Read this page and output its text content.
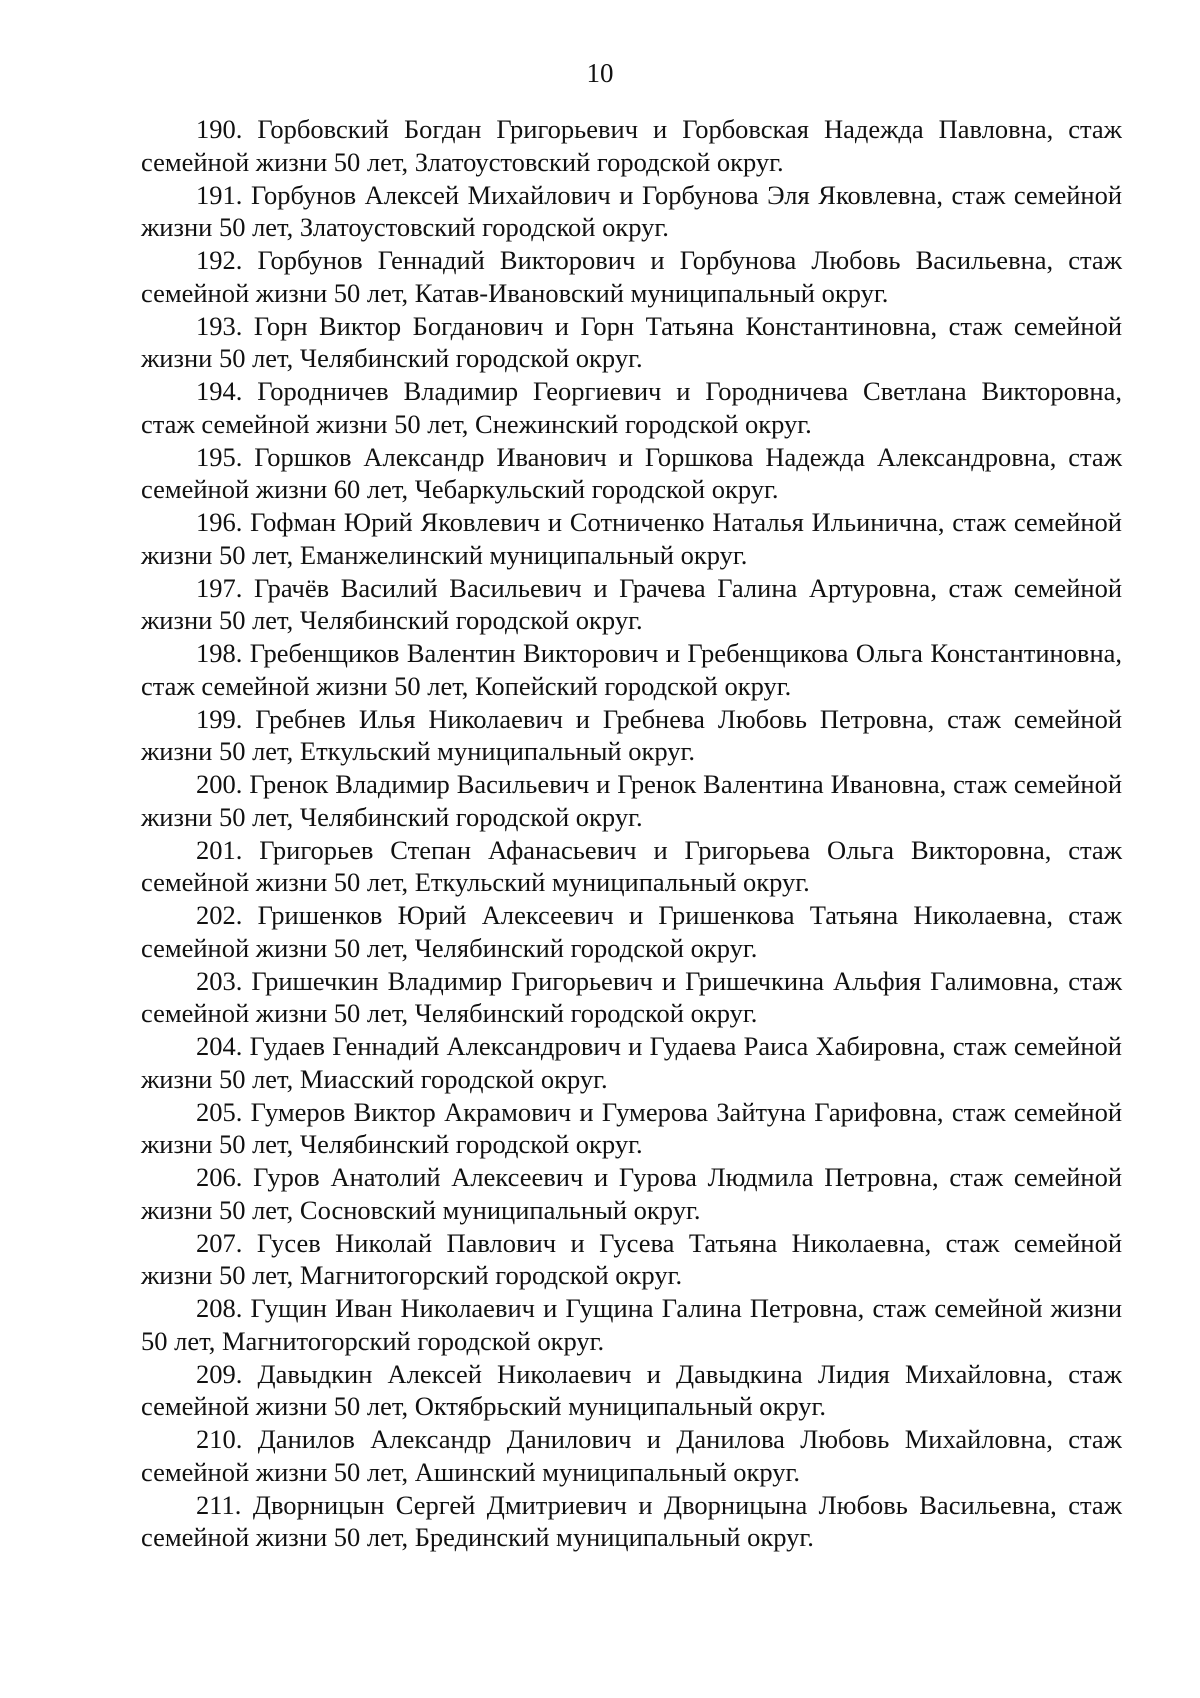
10

190. Горбовский Богдан Григорьевич и Горбовская Надежда Павловна, стаж семейной жизни 50 лет, Златоустовский городской округ.

191. Горбунов Алексей Михайлович и Горбунова Эля Яковлевна, стаж семейной жизни 50 лет, Златоустовский городской округ.

192. Горбунов Геннадий Викторович и Горбунова Любовь Васильевна, стаж семейной жизни 50 лет, Катав-Ивановский муниципальный округ.

193. Горн Виктор Богданович и Горн Татьяна Константиновна, стаж семейной жизни 50 лет, Челябинский городской округ.

194. Городничев Владимир Георгиевич и Городничева Светлана Викторовна, стаж семейной жизни 50 лет, Снежинский городской округ.

195. Горшков Александр Иванович и Горшкова Надежда Александровна, стаж семейной жизни 60 лет, Чебаркульский городской округ.

196. Гофман Юрий Яковлевич и Сотниченко Наталья Ильинична, стаж семейной жизни 50 лет, Еманжелинский муниципальный округ.

197. Грачёв Василий Васильевич и Грачева Галина Артуровна, стаж семейной жизни 50 лет, Челябинский городской округ.

198. Гребенщиков Валентин Викторович и Гребенщикова Ольга Константиновна, стаж семейной жизни 50 лет, Копейский городской округ.

199. Гребнев Илья Николаевич и Гребнева Любовь Петровна, стаж семейной жизни 50 лет, Еткульский муниципальный округ.

200. Гренок Владимир Васильевич и Гренок Валентина Ивановна, стаж семейной жизни 50 лет, Челябинский городской округ.

201. Григорьев Степан Афанасьевич и Григорьева Ольга Викторовна, стаж семейной жизни 50 лет, Еткульский муниципальный округ.

202. Гришенков Юрий Алексеевич и Гришенкова Татьяна Николаевна, стаж семейной жизни 50 лет, Челябинский городской округ.

203. Гришечкин Владимир Григорьевич и Гришечкина Альфия Галимовна, стаж семейной жизни 50 лет, Челябинский городской округ.

204. Гудаев Геннадий Александрович и Гудаева Раиса Хабировна, стаж семейной жизни 50 лет, Миасский городской округ.

205. Гумеров Виктор Акрамович и Гумерова Зайтуна Гарифовна, стаж семейной жизни 50 лет, Челябинский городской округ.

206. Гуров Анатолий Алексеевич и Гурова Людмила Петровна, стаж семейной жизни 50 лет, Сосновский муниципальный округ.

207. Гусев Николай Павлович и Гусева Татьяна Николаевна, стаж семейной жизни 50 лет, Магнитогорский городской округ.

208. Гущин Иван Николаевич и Гущина Галина Петровна, стаж семейной жизни 50 лет, Магнитогорский городской округ.

209. Давыдкин Алексей Николаевич и Давыдкина Лидия Михайловна, стаж семейной жизни 50 лет, Октябрьский муниципальный округ.

210. Данилов Александр Данилович и Данилова Любовь Михайловна, стаж семейной жизни 50 лет, Ашинский муниципальный округ.

211. Дворницын Сергей Дмитриевич и Дворницына Любовь Васильевна, стаж семейной жизни 50 лет, Брединский муниципальный округ.
